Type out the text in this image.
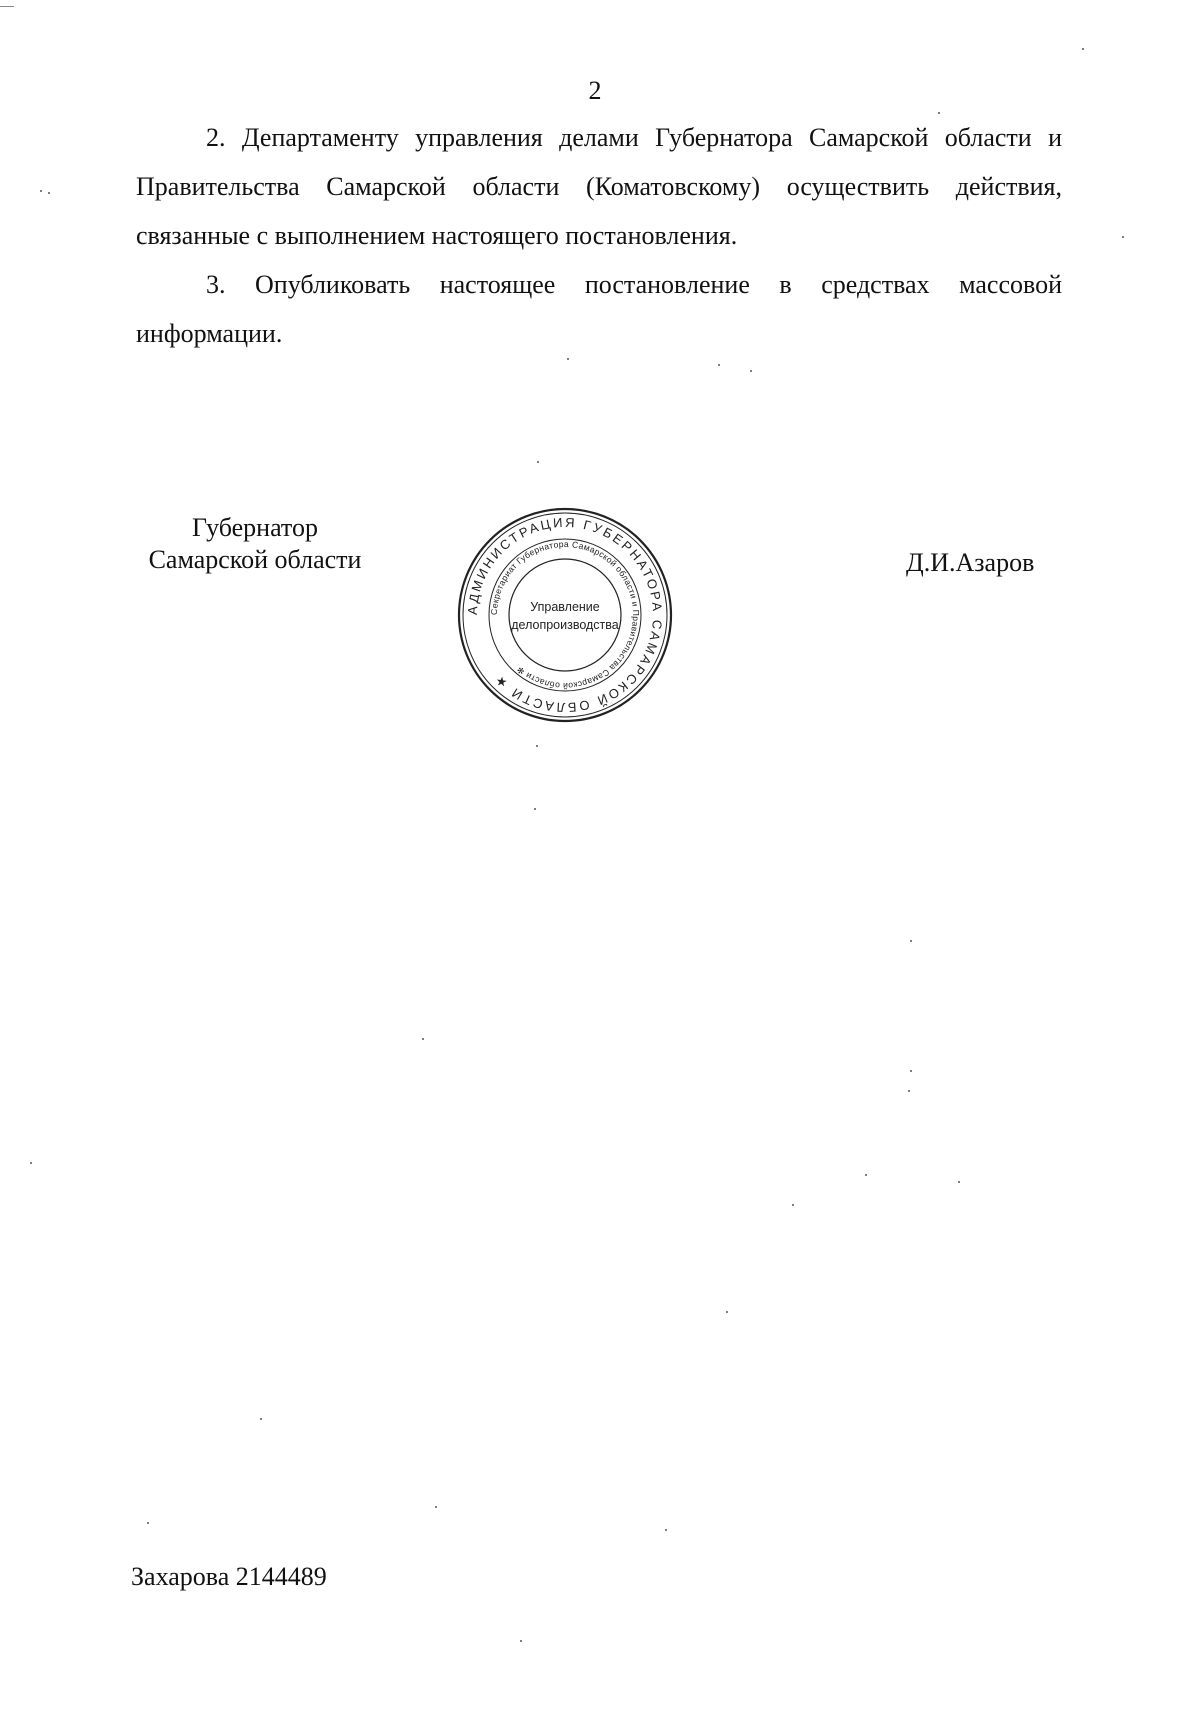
2

2. Департаменту управления делами Губернатора Самарской области и Правительства Самарской области (Коматовскому) осуществить действия, связанные с выполнением настоящего постановления.

3. Опубликовать настоящее постановление в средствах массовой информации.

Губернатор
Самарской области
АДМИНИСТРАЦИЯ ГУБЕРНАТОРА САМАРСКОЙ ОБЛАСТИ ★
Секретариат Губернатора Самарской области и Правительства Самарской области ✻
Управление
делопроизводства
Д.И.Азаров
Захарова 2144489
